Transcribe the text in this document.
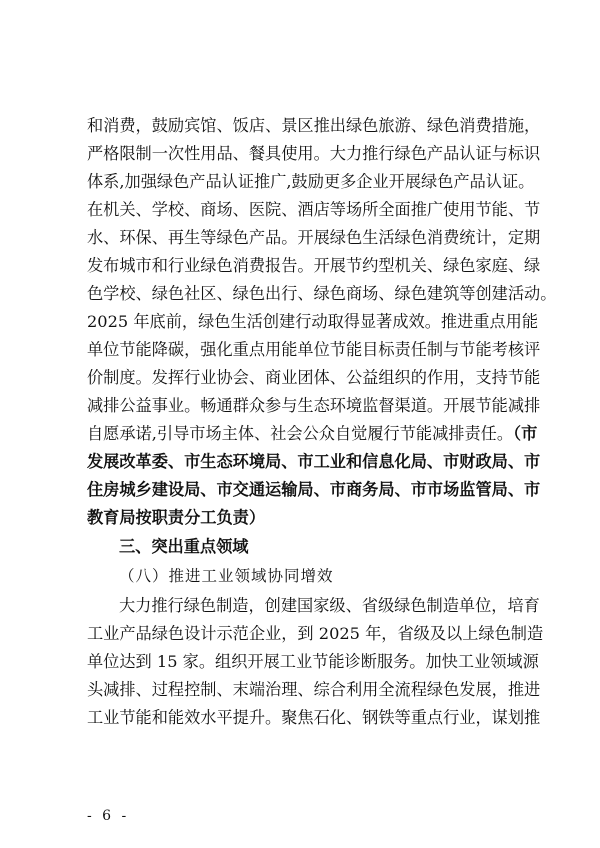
和消费，鼓励宾馆、饭店、景区推出绿色旅游、绿色消费措施，
严格限制一次性用品、餐具使用。大力推行绿色产品认证与标识
体系,加强绿色产品认证推广,鼓励更多企业开展绿色产品认证。
在机关、学校、商场、医院、酒店等场所全面推广使用节能、节
水、环保、再生等绿色产品。开展绿色生活绿色消费统计，定期
发布城市和行业绿色消费报告。开展节约型机关、绿色家庭、绿
色学校、绿色社区、绿色出行、绿色商场、绿色建筑等创建活动。
2025 年底前，绿色生活创建行动取得显著成效。推进重点用能
单位节能降碳，强化重点用能单位节能目标责任制与节能考核评
价制度。发挥行业协会、商业团体、公益组织的作用，支持节能
减排公益事业。畅通群众参与生态环境监督渠道。开展节能减排
自愿承诺,引导市场主体、社会公众自觉履行节能减排责任。（市
发展改革委、市生态环境局、市工业和信息化局、市财政局、市
住房城乡建设局、市交通运输局、市商务局、市市场监管局、市
教育局按职责分工负责）
三、突出重点领域
（八）推进工业领域协同增效
大力推行绿色制造，创建国家级、省级绿色制造单位，培育
工业产品绿色设计示范企业，到 2025 年，省级及以上绿色制造
单位达到 15 家。组织开展工业节能诊断服务。加快工业领域源
头减排、过程控制、末端治理、综合利用全流程绿色发展，推进
工业节能和能效水平提升。聚焦石化、钢铁等重点行业，谋划推
- 6 -
